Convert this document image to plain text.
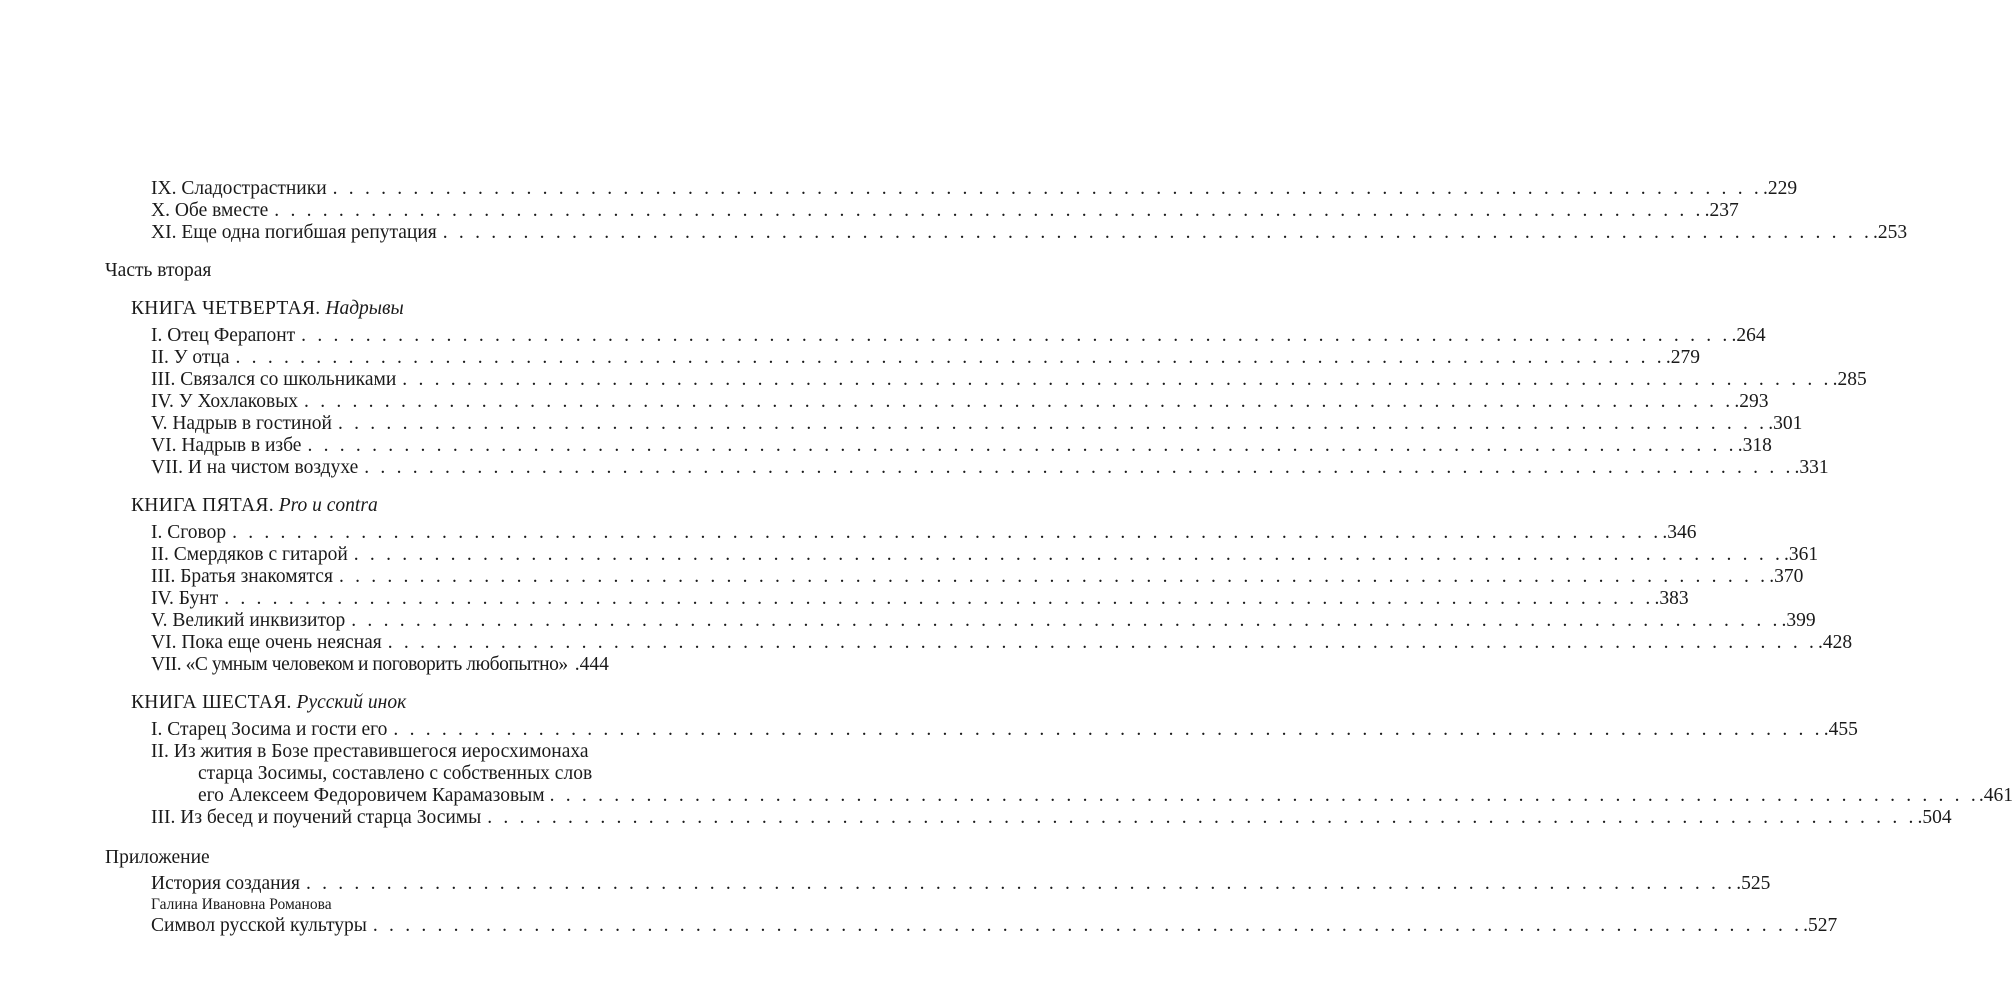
IX. Сладострастники . . . . . . . . . . . . . . . . . . . . . . . . . . . . . . . . . . . . . . . . . . . . . . . . . . . . . . . . . . . . . . . . . . . . . . . . . . . . . . . . . . . . . . . . . .229
X. Обе вместе . . . . . . . . . . . . . . . . . . . . . . . . . . . . . . . . . . . . . . . . . . . . . . . . . . . . . . . . . . . . . . . . . . . . . . . . . . . . . . . . . . . . . . . . . .237
XI. Еще одна погибшая репутация . . . . . . . . . . . . . . . . . . . . . . . . . . . . . . . . . . . . . . . . . . . . . . . . . . . . . . . . . . . . . . . . . . . . . . . . . . . . . . . . . . . . . . . . . .253
Часть вторая
КНИГА ЧЕТВЕРТАЯ. Надрывы
I. Отец Ферапонт . . . . . . . . . . . . . . . . . . . . . . . . . . . . . . . . . . . . . . . . . . . . . . . . . . . . . . . . . . . . . . . . . . . . . . . . . . . . . . . . . . . . . . . . . .264
II. У отца . . . . . . . . . . . . . . . . . . . . . . . . . . . . . . . . . . . . . . . . . . . . . . . . . . . . . . . . . . . . . . . . . . . . . . . . . . . . . . . . . . . . . . . . . .279
III. Связался со школьниками . . . . . . . . . . . . . . . . . . . . . . . . . . . . . . . . . . . . . . . . . . . . . . . . . . . . . . . . . . . . . . . . . . . . . . . . . . . . . . . . . . . . . . . . . .285
IV. У Хохлаковых . . . . . . . . . . . . . . . . . . . . . . . . . . . . . . . . . . . . . . . . . . . . . . . . . . . . . . . . . . . . . . . . . . . . . . . . . . . . . . . . . . . . . . . . . .293
V. Надрыв в гостиной . . . . . . . . . . . . . . . . . . . . . . . . . . . . . . . . . . . . . . . . . . . . . . . . . . . . . . . . . . . . . . . . . . . . . . . . . . . . . . . . . . . . . . . . . .301
VI. Надрыв в избе . . . . . . . . . . . . . . . . . . . . . . . . . . . . . . . . . . . . . . . . . . . . . . . . . . . . . . . . . . . . . . . . . . . . . . . . . . . . . . . . . . . . . . . . . .318
VII. И на чистом воздухе . . . . . . . . . . . . . . . . . . . . . . . . . . . . . . . . . . . . . . . . . . . . . . . . . . . . . . . . . . . . . . . . . . . . . . . . . . . . . . . . . . . . . . . . . .331
КНИГА ПЯТАЯ. Pro и contra
I. Сговор . . . . . . . . . . . . . . . . . . . . . . . . . . . . . . . . . . . . . . . . . . . . . . . . . . . . . . . . . . . . . . . . . . . . . . . . . . . . . . . . . . . . . . . . . .346
II. Смердяков с гитарой . . . . . . . . . . . . . . . . . . . . . . . . . . . . . . . . . . . . . . . . . . . . . . . . . . . . . . . . . . . . . . . . . . . . . . . . . . . . . . . . . . . . . . . . . .361
III. Братья знакомятся . . . . . . . . . . . . . . . . . . . . . . . . . . . . . . . . . . . . . . . . . . . . . . . . . . . . . . . . . . . . . . . . . . . . . . . . . . . . . . . . . . . . . . . . . .370
IV. Бунт . . . . . . . . . . . . . . . . . . . . . . . . . . . . . . . . . . . . . . . . . . . . . . . . . . . . . . . . . . . . . . . . . . . . . . . . . . . . . . . . . . . . . . . . . .383
V. Великий инквизитор . . . . . . . . . . . . . . . . . . . . . . . . . . . . . . . . . . . . . . . . . . . . . . . . . . . . . . . . . . . . . . . . . . . . . . . . . . . . . . . . . . . . . . . . . .399
VI. Пока еще очень неясная . . . . . . . . . . . . . . . . . . . . . . . . . . . . . . . . . . . . . . . . . . . . . . . . . . . . . . . . . . . . . . . . . . . . . . . . . . . . . . . . . . . . . . . . . .428
VII. «С умным человеком и поговорить любопытно» .444
КНИГА ШЕСТАЯ. Русский инок
I. Старец Зосима и гости его . . . . . . . . . . . . . . . . . . . . . . . . . . . . . . . . . . . . . . . . . . . . . . . . . . . . . . . . . . . . . . . . . . . . . . . . . . . . . . . . . . . . . . . . . .455
II. Из жития в Бозе преставившегося иеросхимонаха
старца Зосимы, составлено с собственных слов
его Алексеем Федоровичем Карамазовым . . . . . . . . . . . . . . . . . . . . . . . . . . . . . . . . . . . . . . . . . . . . . . . . . . . . . . . . . . . . . . . . . . . . . . . . . . . . . . . . . . . . . . . . . .461
III. Из бесед и поучений старца Зосимы . . . . . . . . . . . . . . . . . . . . . . . . . . . . . . . . . . . . . . . . . . . . . . . . . . . . . . . . . . . . . . . . . . . . . . . . . . . . . . . . . . . . . . . . . .504
Приложение
История создания . . . . . . . . . . . . . . . . . . . . . . . . . . . . . . . . . . . . . . . . . . . . . . . . . . . . . . . . . . . . . . . . . . . . . . . . . . . . . . . . . . . . . . . . . .525
Галина Ивановна Романова
Символ русской культуры . . . . . . . . . . . . . . . . . . . . . . . . . . . . . . . . . . . . . . . . . . . . . . . . . . . . . . . . . . . . . . . . . . . . . . . . . . . . . . . . . . . . . . . . . .527
